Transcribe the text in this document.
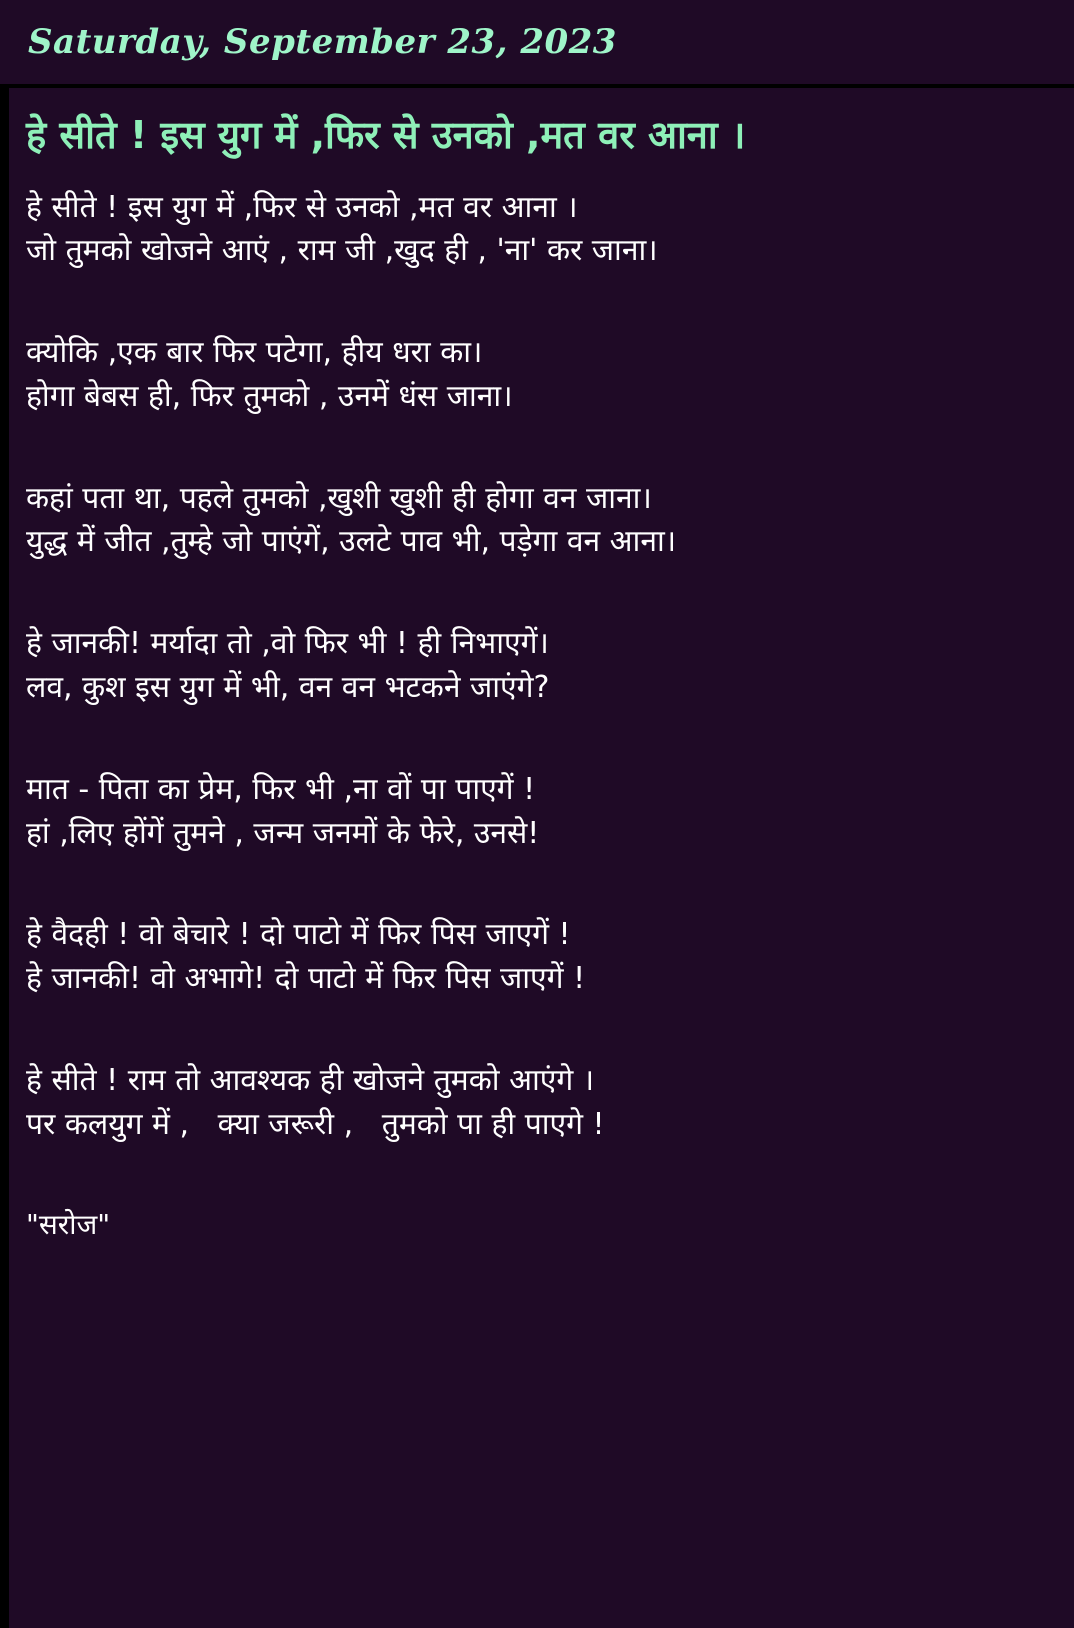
Saturday, September 23, 2023
हे सीते ! इस युग में ,फिर से उनको ,मत वर आना ।
हे सीते ! इस युग में ,फिर से उनको ,मत वर आना ।
जो तुमको खोजने आएं , राम जी ,खुद ही , 'ना' कर जाना।
क्योकि ,एक बार फिर पटेगा, हीय धरा का।
होगा बेबस ही, फिर तुमको , उनमें धंस जाना।
कहां पता था, पहले तुमको ,खुशी खुशी ही होगा वन जाना।
युद्ध में जीत ,तुम्हे जो पाएंगें, उलटे पाव भी, पड़ेगा वन आना।
हे जानकी! मर्यादा तो ,वो फिर भी ! ही निभाएगें।
लव, कुश इस युग में भी, वन वन भटकने जाएंगे?
मात - पिता का प्रेम, फिर भी ,ना वों पा पाएगें !
हां ,लिए होंगें तुमने , जन्म जनमों के फेरे, उनसे!
हे वैदही ! वो बेचारे ! दो पाटो में फिर पिस जाएगें !
हे जानकी! वो अभागे! दो पाटो में फिर पिस जाएगें !
हे सीते ! राम तो आवश्यक ही खोजने तुमको आएंगे ।
पर कलयुग में ,   क्या जरूरी ,   तुमको पा ही पाएगे !
"सरोज"
